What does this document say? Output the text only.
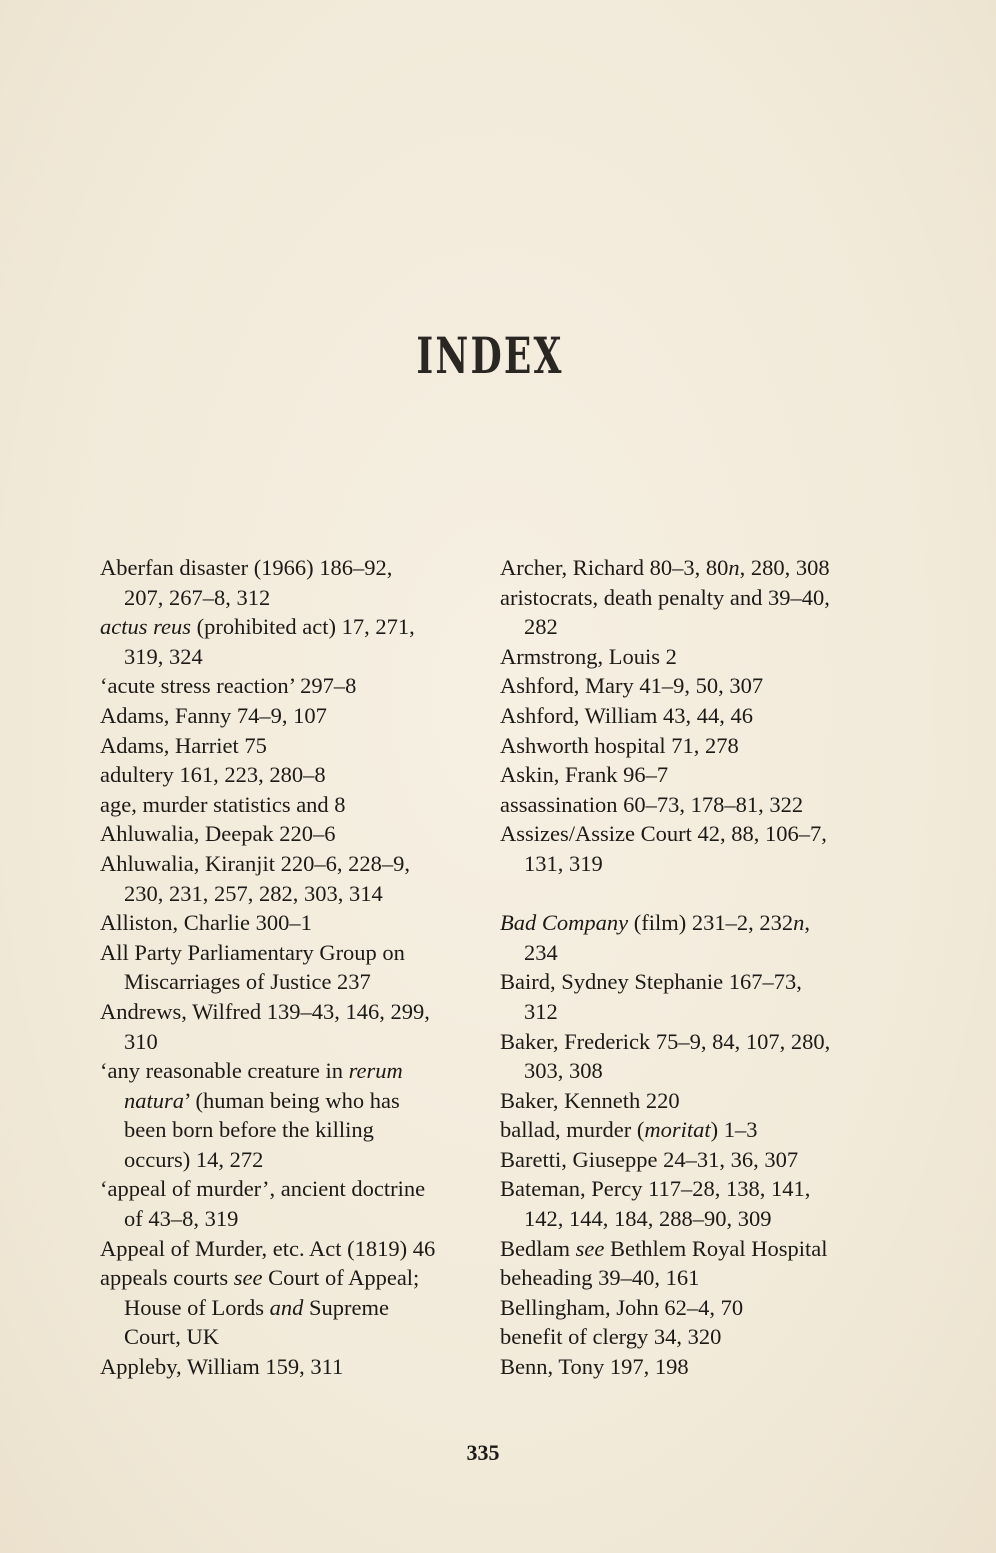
INDEX
Aberfan disaster (1966) 186–92,
207, 267–8, 312
actus reus (prohibited act) 17, 271,
319, 324
‘acute stress reaction’ 297–8
Adams, Fanny 74–9, 107
Adams, Harriet 75
adultery 161, 223, 280–8
age, murder statistics and 8
Ahluwalia, Deepak 220–6
Ahluwalia, Kiranjit 220–6, 228–9,
230, 231, 257, 282, 303, 314
Alliston, Charlie 300–1
All Party Parliamentary Group on
Miscarriages of Justice 237
Andrews, Wilfred 139–43, 146, 299,
310
‘any reasonable creature in rerum
natura’ (human being who has
been born before the killing
occurs) 14, 272
‘appeal of murder’, ancient doctrine
of 43–8, 319
Appeal of Murder, etc. Act (1819) 46
appeals courts see Court of Appeal;
House of Lords and Supreme
Court, UK
Appleby, William 159, 311
Archer, Richard 80–3, 80n, 280, 308
aristocrats, death penalty and 39–40,
282
Armstrong, Louis 2
Ashford, Mary 41–9, 50, 307
Ashford, William 43, 44, 46
Ashworth hospital 71, 278
Askin, Frank 96–7
assassination 60–73, 178–81, 322
Assizes/Assize Court 42, 88, 106–7,
131, 319
Bad Company (film) 231–2, 232n,
234
Baird, Sydney Stephanie 167–73,
312
Baker, Frederick 75–9, 84, 107, 280,
303, 308
Baker, Kenneth 220
ballad, murder (moritat) 1–3
Baretti, Giuseppe 24–31, 36, 307
Bateman, Percy 117–28, 138, 141,
142, 144, 184, 288–90, 309
Bedlam see Bethlem Royal Hospital
beheading 39–40, 161
Bellingham, John 62–4, 70
benefit of clergy 34, 320
Benn, Tony 197, 198
335
